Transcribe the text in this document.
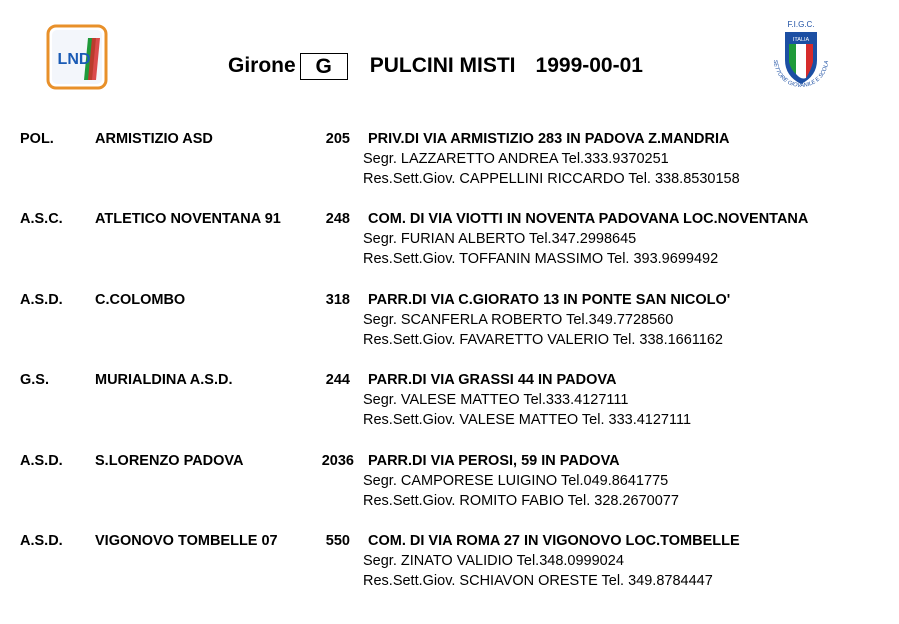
LND	Girone G	PULCINI MISTI 1999-00-01
F.I.G.C.
ITALIA
SETTORE GIOVANILE E SCOLA
POL.	ARMISTIZIO ASD	205 PRIV.DI VIA ARMISTIZIO 283 IN PADOVA Z.MANDRIA
Segr. LAZZARETTO ANDREA Tel.333.9370251
Res.Sett.Giov. CAPPELLINI RICCARDO Tel. 338.8530158
A.S.C. ATLETICO NOVENTANA 91	248 COM. DI VIA VIOTTI IN NOVENTA PADOVANA LOC.NOVENTANA
Segr. FURIAN ALBERTO Tel.347.2998645
Res.Sett.Giov. TOFFANIN MASSIMO Tel. 393.9699492
A.S.D. C.COLOMBO	318 PARR.DI VIA C.GIORATO 13 IN PONTE SAN NICOLO'
Segr. SCANFERLA ROBERTO Tel.349.7728560
Res.Sett.Giov. FAVARETTO VALERIO Tel. 338.1661162
G.S.	MURIALDINA A.S.D.	244 PARR.DI VIA GRASSI 44 IN PADOVA
Segr. VALESE MATTEO Tel.333.4127111
Res.Sett.Giov. VALESE MATTEO Tel. 333.4127111
A.S.D. S.LORENZO PADOVA	2036 PARR.DI VIA PEROSI, 59 IN PADOVA
Segr. CAMPORESE LUIGINO Tel.049.8641775
Res.Sett.Giov. ROMITO FABIO Tel. 328.2670077
A.S.D. VIGONOVO TOMBELLE 07	550 COM. DI VIA ROMA 27 IN VIGONOVO LOC.TOMBELLE
Segr. ZINATO VALIDIO Tel.348.0999024
Res.Sett.Giov. SCHIAVON ORESTE Tel. 349.8784447
